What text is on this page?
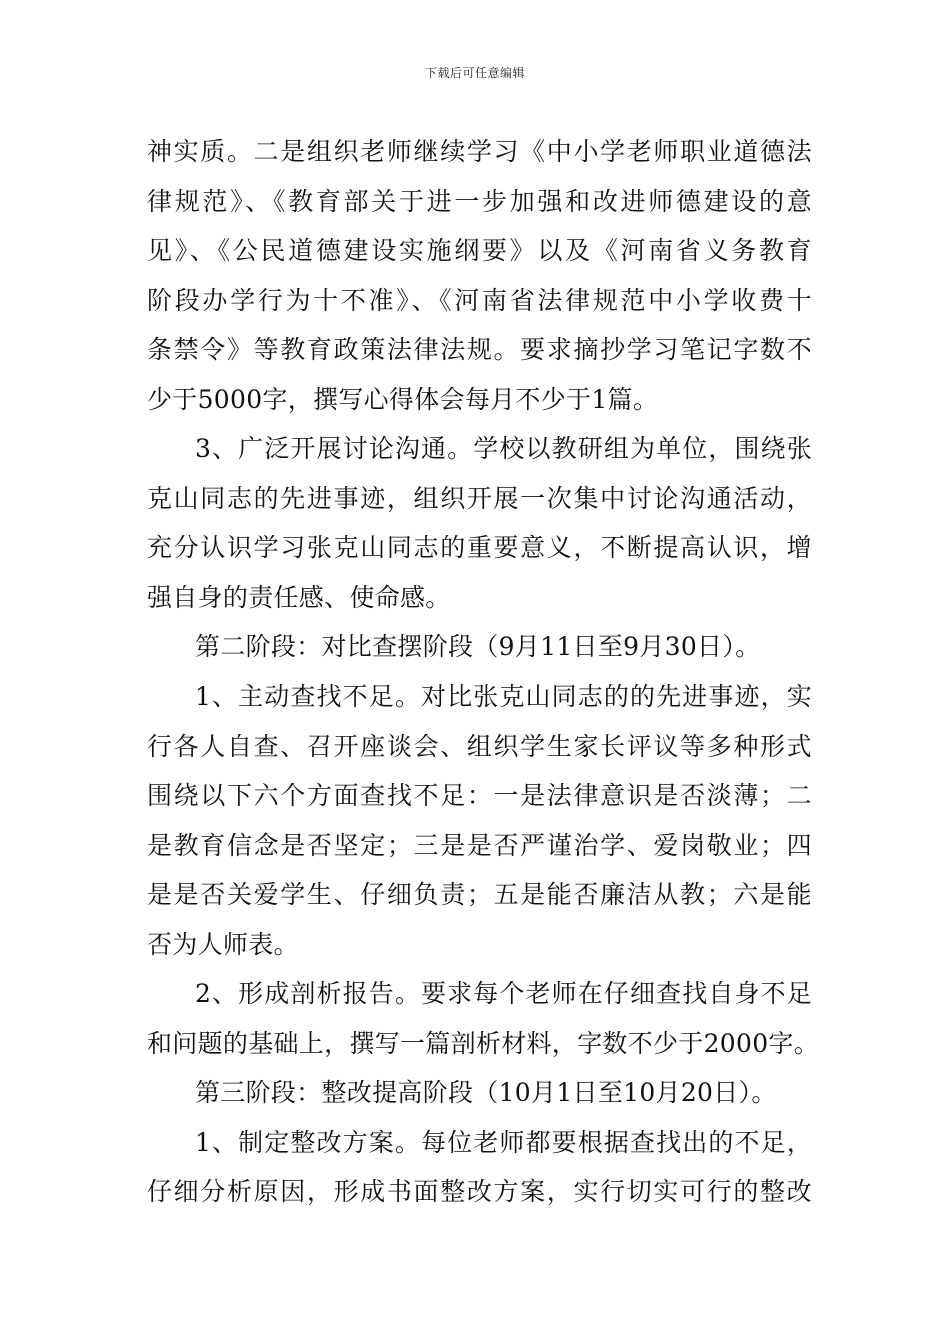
下载后可任意编辑
神实质。二是组织老师继续学习《中小学老师职业道德法
律规范》、《教育部关于进一步加强和改进师德建设的意
见》、《公民道德建设实施纲要》以及《河南省义务教育
阶段办学行为十不准》、《河南省法律规范中小学收费十
条禁令》等教育政策法律法规。要求摘抄学习笔记字数不
少于5000字，撰写心得体会每月不少于1篇。
3、广泛开展讨论沟通。学校以教研组为单位，围绕张
克山同志的先进事迹，组织开展一次集中讨论沟通活动，
充分认识学习张克山同志的重要意义，不断提高认识，增
强自身的责任感、使命感。
第二阶段：对比查摆阶段（9月11日至9月30日）。
1、主动查找不足。对比张克山同志的的先进事迹，实
行各人自查、召开座谈会、组织学生家长评议等多种形式
围绕以下六个方面查找不足：一是法律意识是否淡薄；二
是教育信念是否坚定；三是是否严谨治学、爱岗敬业；四
是是否关爱学生、仔细负责；五是能否廉洁从教；六是能
否为人师表。
2、形成剖析报告。要求每个老师在仔细查找自身不足
和问题的基础上，撰写一篇剖析材料，字数不少于2000字。
第三阶段：整改提高阶段（10月1日至10月20日）。
1、制定整改方案。每位老师都要根据查找出的不足，
仔细分析原因，形成书面整改方案，实行切实可行的整改
